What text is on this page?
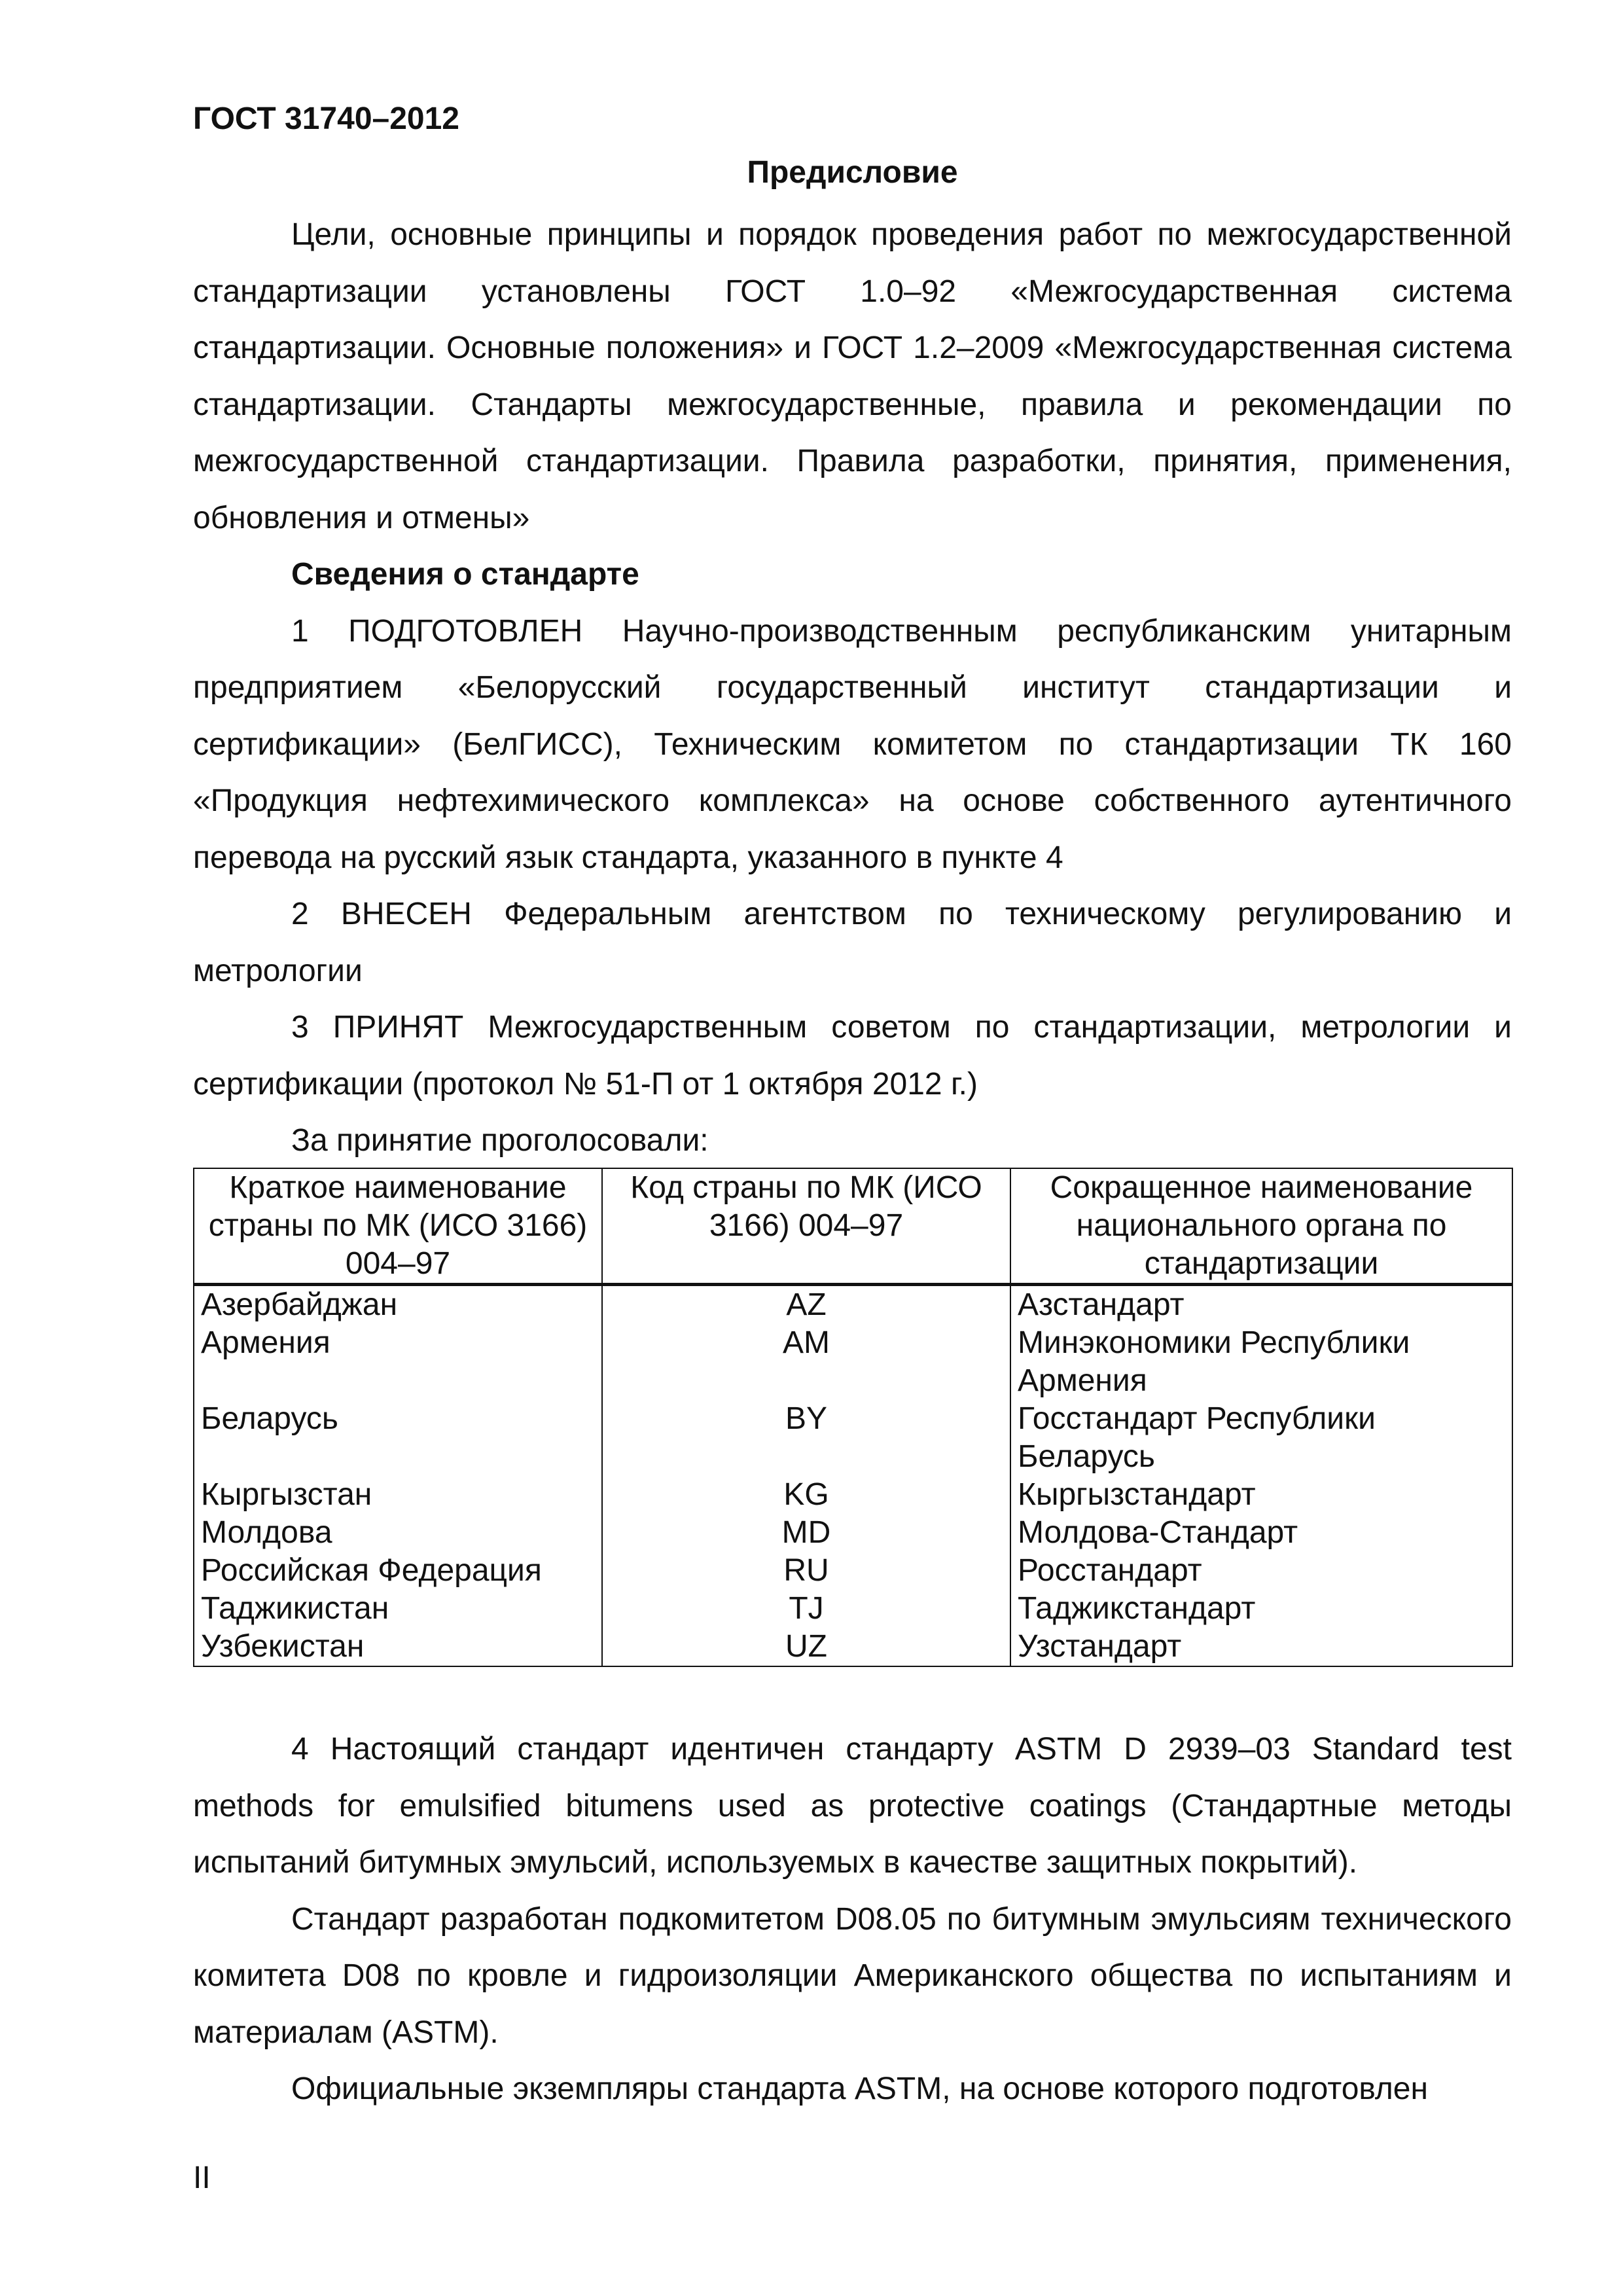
ГОСТ 31740–2012
Предисловие

Цели, основные принципы и порядок проведения работ по межгосударственной стандартизации установлены ГОСТ 1.0–92 «Межгосударственная система стандартизации. Основные положения» и ГОСТ 1.2–2009 «Межгосударственная система стандартизации. Стандарты межгосударственные, правила и рекомендации по межгосударственной стандартизации. Правила разработки, принятия, применения, обновления и отмены»

Сведения о стандарте

1 ПОДГОТОВЛЕН Научно-производственным республиканским унитарным предприятием «Белорусский государственный институт стандартизации и сертификации» (БелГИСС), Техническим комитетом по стандартизации ТК 160 «Продукция нефтехимического комплекса» на основе собственного аутентичного перевода на русский язык стандарта, указанного в пункте 4

2 ВНЕСЕН Федеральным агентством по техническому регулированию и метрологии

3 ПРИНЯТ Межгосударственным советом по стандартизации, метрологии и сертификации (протокол № 51-П от 1 октября 2012 г.)

За принятие проголосовали:

Краткое наименование страны по МК (ИСО 3166) 004–97	Код страны по МК (ИСО 3166) 004–97	Сокращенное наименование национального органа по стандартизации
Азербайджан	AZ	Азстандарт
Армения	AM	Минэкономики Республики Армения
Беларусь	BY	Госстандарт Республики Беларусь
Кыргызстан	KG	Кыргызстандарт
Молдова	MD	Молдова-Стандарт
Российская Федерация	RU	Росстандарт
Таджикистан	TJ	Таджикстандарт
Узбекистан	UZ	Узстандарт

4 Настоящий стандарт идентичен стандарту ASTM D 2939–03 Standard test methods for emulsified bitumens used as protective coatings (Стандартные методы испытаний битумных эмульсий, используемых в качестве защитных покрытий).

Стандарт разработан подкомитетом D08.05 по битумным эмульсиям технического комитета D08 по кровле и гидроизоляции Американского общества по испытаниям и материалам (ASTM).

Официальные экземпляры стандарта ASTM, на основе которого подготовлен

II
